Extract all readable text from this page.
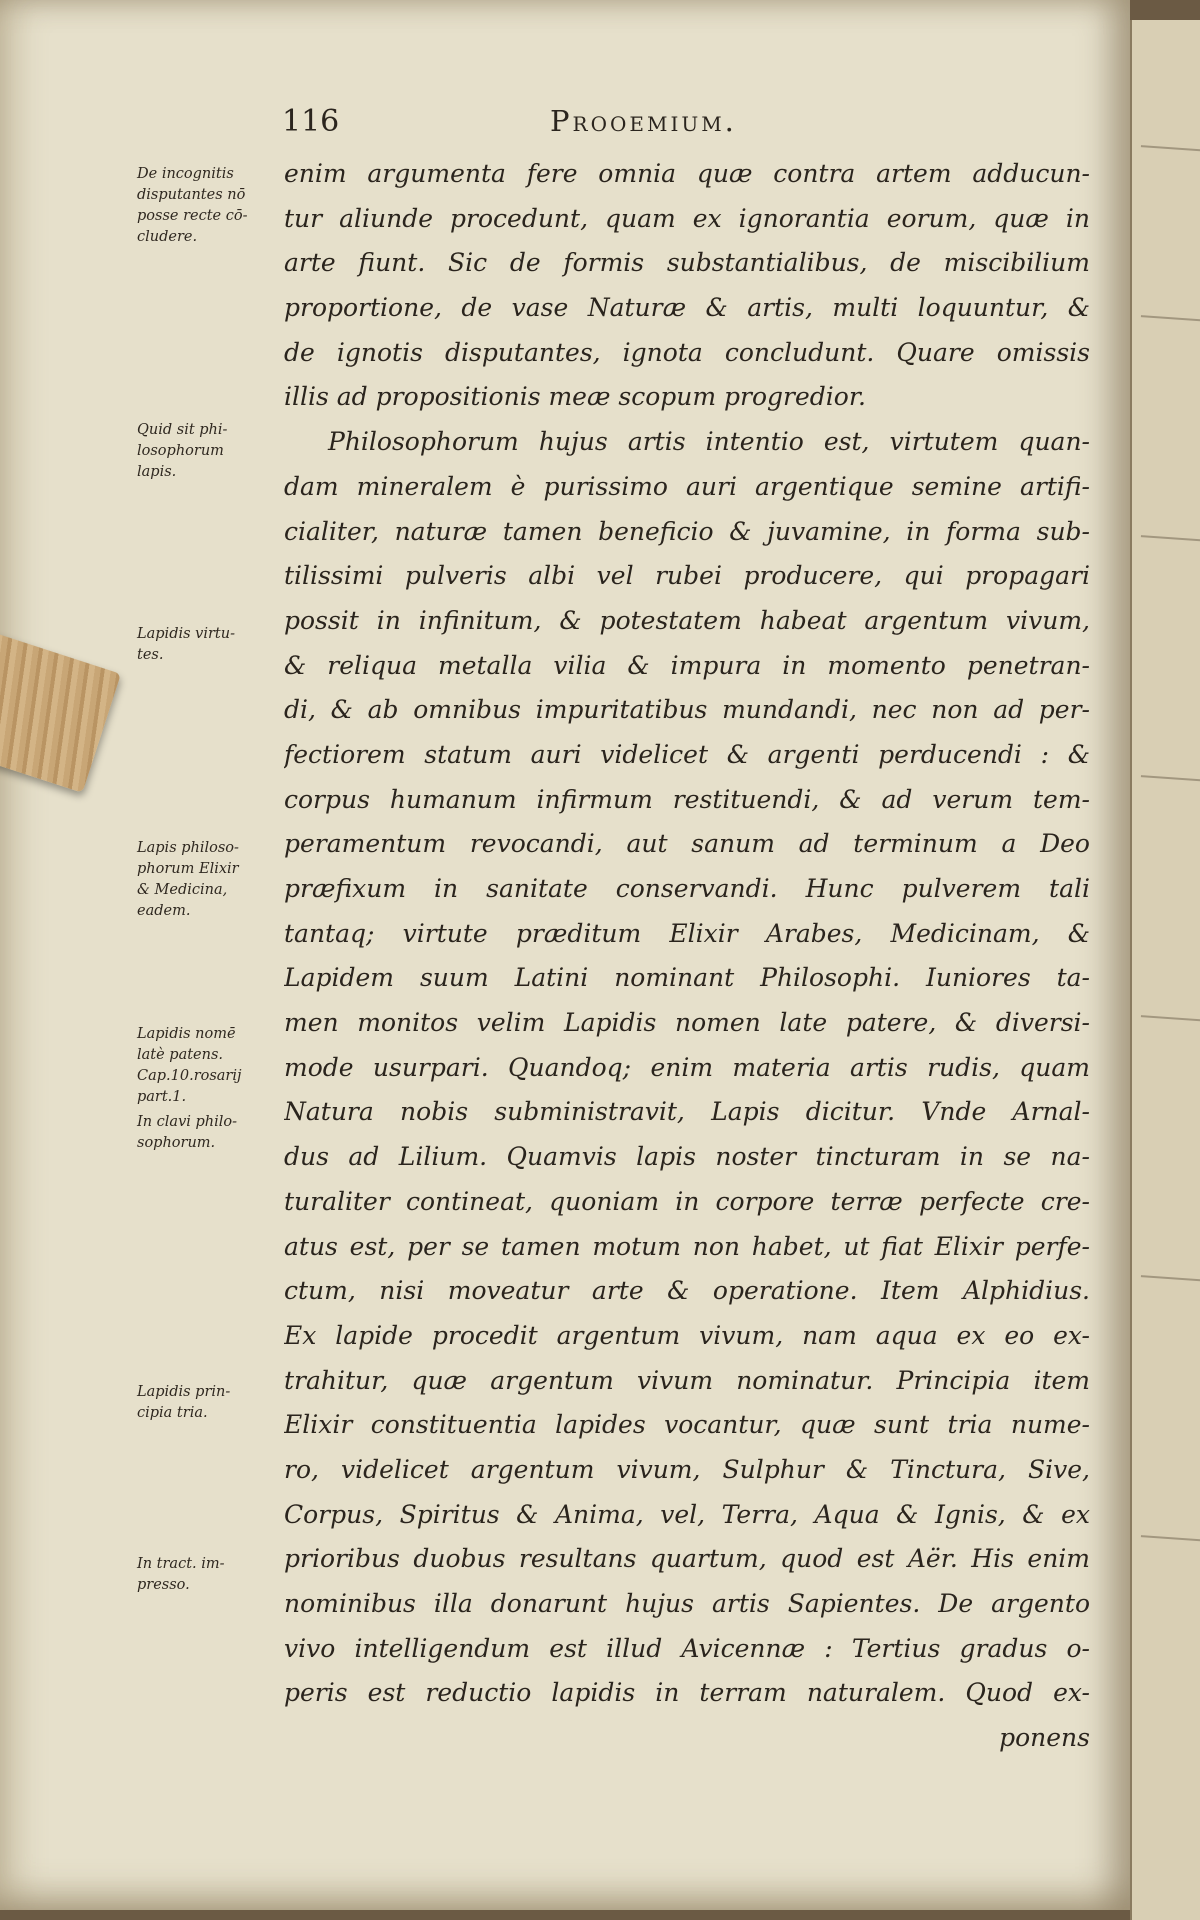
116	Prooemium.
De incognitis
disputantes nō
posse recte cō-
cludere.
Quid sit phi-
losophorum
lapis.
Lapidis virtu-
tes.
Lapis philoso-
phorum Elixir
& Medicina,
eadem.
Lapidis nomē
latè patens.
Cap.10.rosarij
part.1.
In clavi philo-
sophorum.
Lapidis prin-
cipia tria.
In tract. im-
presso.
enim argumenta fere omnia quæ contra artem adducun-
tur aliunde procedunt, quam ex ignorantia eorum, quæ in
arte fiunt. Sic de formis substantialibus, de miscibilium
proportione, de vase Naturæ & artis, multi loquuntur, &
de ignotis disputantes, ignota concludunt. Quare omissis
illis ad propositionis meæ scopum progredior.
Philosophorum hujus artis intentio est, virtutem quan-
dam mineralem è purissimo auri argentique semine artifi-
cialiter, naturæ tamen beneficio & juvamine, in forma sub-
tilissimi pulveris albi vel rubei producere, qui propagari
possit in infinitum, & potestatem habeat argentum vivum,
& reliqua metalla vilia & impura in momento penetran-
di, & ab omnibus impuritatibus mundandi, nec non ad per-
fectiorem statum auri videlicet & argenti perducendi : &
corpus humanum infirmum restituendi, & ad verum tem-
peramentum revocandi, aut sanum ad terminum a Deo
præfixum in sanitate conservandi. Hunc pulverem tali
tantaq; virtute præditum Elixir Arabes, Medicinam, &
Lapidem suum Latini nominant Philosophi. Iuniores ta-
men monitos velim Lapidis nomen late patere, & diversi-
mode usurpari. Quandoq; enim materia artis rudis, quam
Natura nobis subministravit, Lapis dicitur. Vnde Arnal-
dus ad Lilium. Quamvis lapis noster tincturam in se na-
turaliter contineat, quoniam in corpore terræ perfecte cre-
atus est, per se tamen motum non habet, ut fiat Elixir perfe-
ctum, nisi moveatur arte & operatione. Item Alphidius.
Ex lapide procedit argentum vivum, nam aqua ex eo ex-
trahitur, quæ argentum vivum nominatur. Principia item
Elixir constituentia lapides vocantur, quæ sunt tria nume-
ro, videlicet argentum vivum, Sulphur & Tinctura, Sive,
Corpus, Spiritus & Anima, vel, Terra, Aqua & Ignis, & ex
prioribus duobus resultans quartum, quod est Aër. His enim
nominibus illa donarunt hujus artis Sapientes. De argento
vivo intelligendum est illud Avicennæ : Tertius gradus o-
peris est reductio lapidis in terram naturalem. Quod ex-
ponens
